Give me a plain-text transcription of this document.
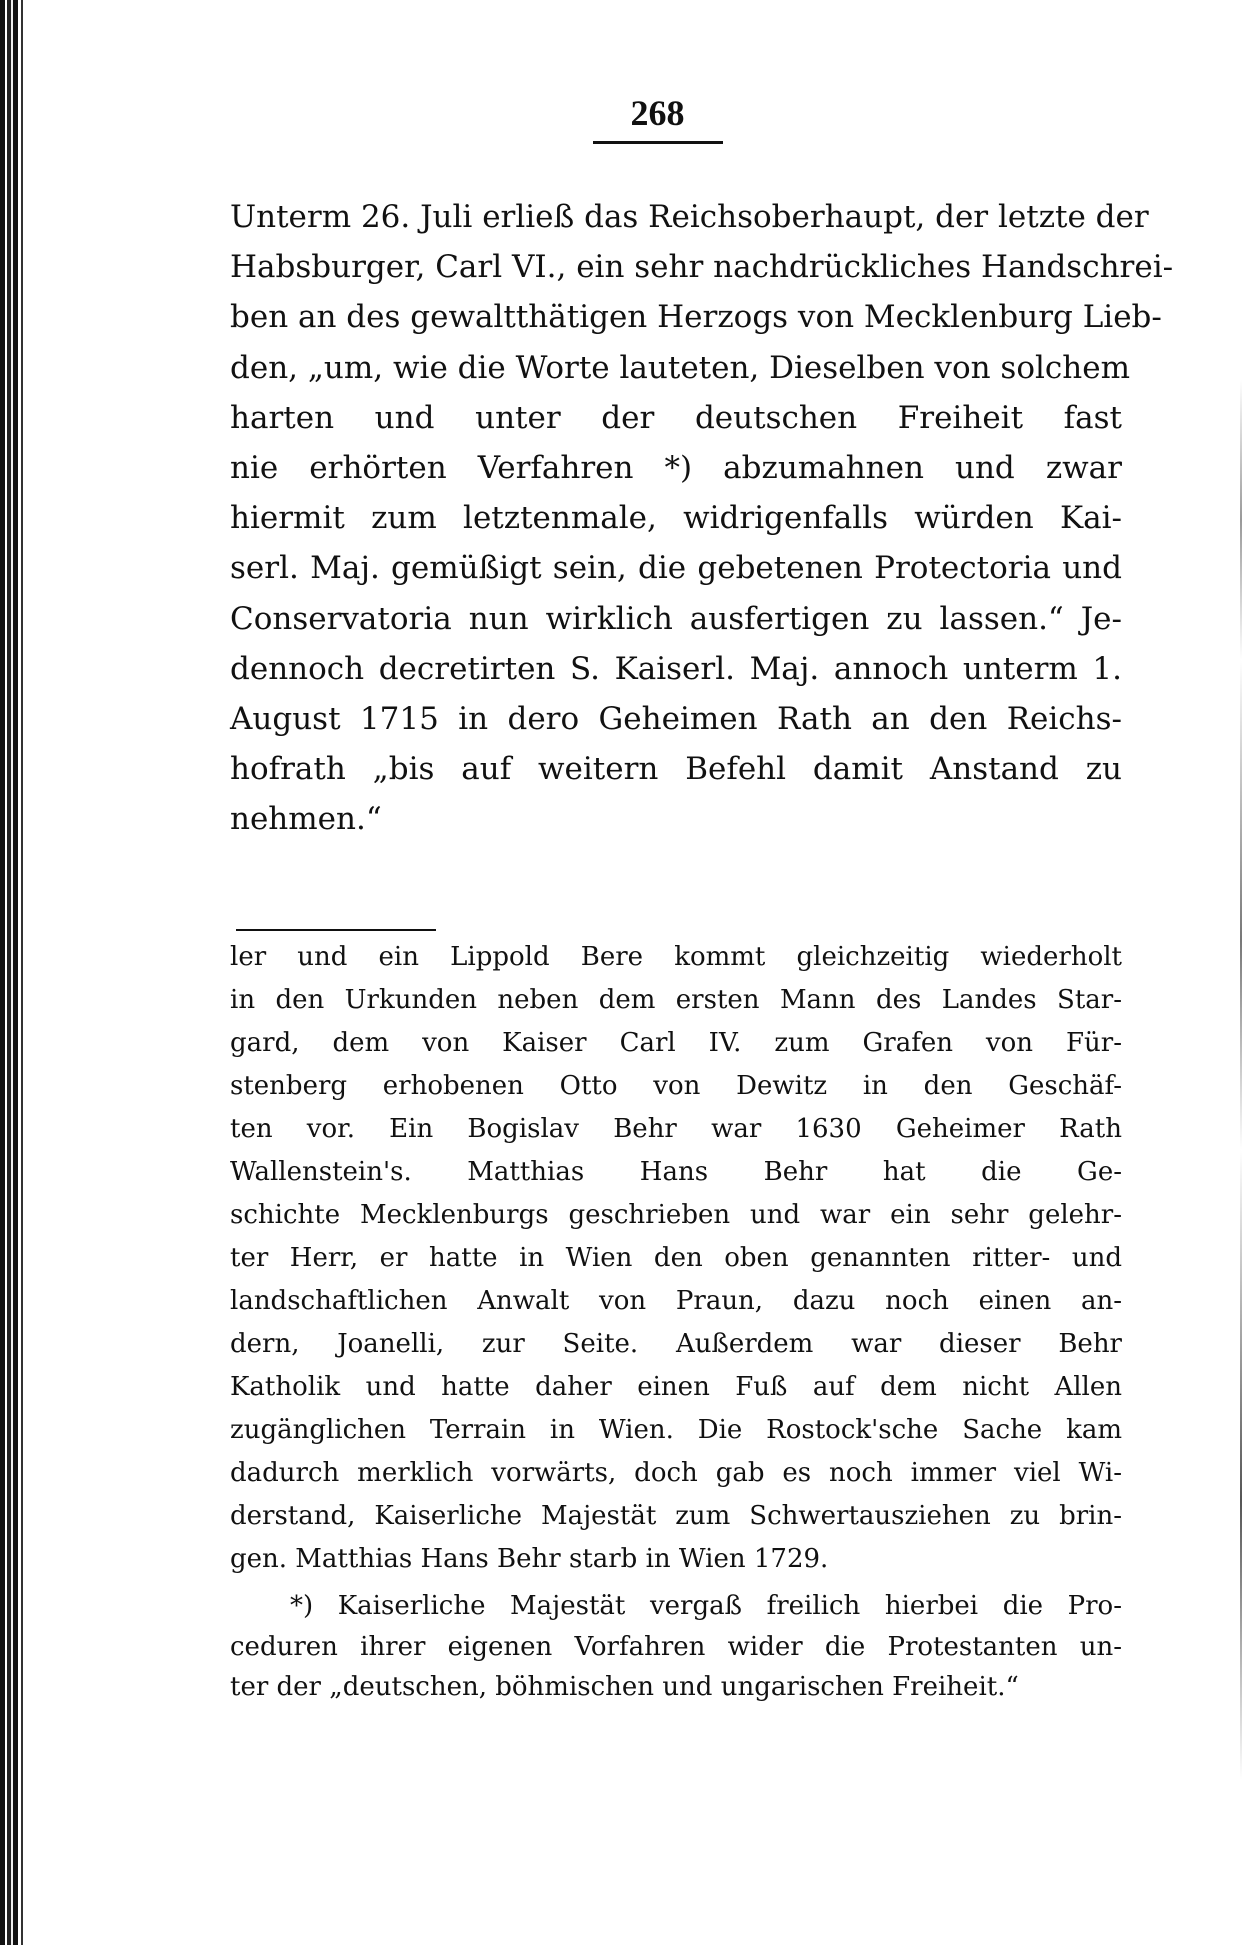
268
Unterm 26. Juli erließ das Reichsoberhaupt, der letzte der
Habsburger, Carl VI., ein sehr nachdrückliches Handschrei-
ben an des gewaltthätigen Herzogs von Mecklenburg Lieb-
den, „um, wie die Worte lauteten, Dieselben von solchem
harten und unter der deutschen Freiheit fast
nie erhörten Verfahren *) abzumahnen und zwar
hiermit zum letztenmale, widrigenfalls würden Kai-
serl. Maj. gemüßigt sein, die gebetenen Protectoria und
Conservatoria nun wirklich ausfertigen zu lassen.“ Je-
dennoch decretirten S. Kaiserl. Maj. annoch unterm 1.
August 1715 in dero Geheimen Rath an den Reichs-
hofrath „bis auf weitern Befehl damit Anstand zu
nehmen.“
ler und ein Lippold Bere kommt gleichzeitig wiederholt
in den Urkunden neben dem ersten Mann des Landes Star-
gard, dem von Kaiser Carl IV. zum Grafen von Für-
stenberg erhobenen Otto von Dewitz in den Geschäf-
ten vor. Ein Bogislav Behr war 1630 Geheimer Rath
Wallenstein's. Matthias Hans Behr hat die Ge-
schichte Mecklenburgs geschrieben und war ein sehr gelehr-
ter Herr, er hatte in Wien den oben genannten ritter- und
landschaftlichen Anwalt von Praun, dazu noch einen an-
dern, Joanelli, zur Seite. Außerdem war dieser Behr
Katholik und hatte daher einen Fuß auf dem nicht Allen
zugänglichen Terrain in Wien. Die Rostock'sche Sache kam
dadurch merklich vorwärts, doch gab es noch immer viel Wi-
derstand, Kaiserliche Majestät zum Schwertausziehen zu brin-
gen. Matthias Hans Behr starb in Wien 1729.
*) Kaiserliche Majestät vergaß freilich hierbei die Pro-
ceduren ihrer eigenen Vorfahren wider die Protestanten un-
ter der „deutschen, böhmischen und ungarischen Freiheit.“
